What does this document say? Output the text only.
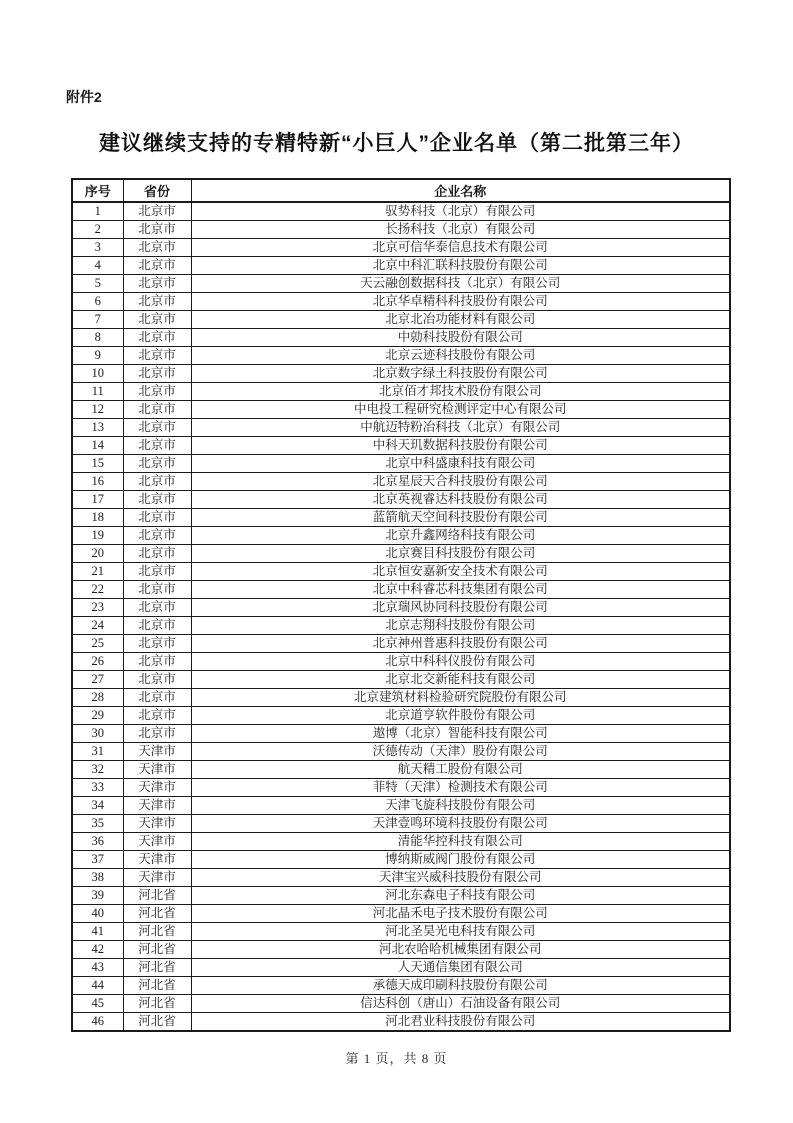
附件2
建议继续支持的专精特新“小巨人”企业名单（第二批第三年）
序号	省份	企业名称
1	北京市	驭势科技（北京）有限公司
2	北京市	长扬科技（北京）有限公司
3	北京市	北京可信华泰信息技术有限公司
4	北京市	北京中科汇联科技股份有限公司
5	北京市	天云融创数据科技（北京）有限公司
6	北京市	北京华卓精科科技股份有限公司
7	北京市	北京北冶功能材料有限公司
8	北京市	中勍科技股份有限公司
9	北京市	北京云迹科技股份有限公司
10	北京市	北京数字绿土科技股份有限公司
11	北京市	北京佰才邦技术股份有限公司
12	北京市	中电投工程研究检测评定中心有限公司
13	北京市	中航迈特粉冶科技（北京）有限公司
14	北京市	中科天玑数据科技股份有限公司
15	北京市	北京中科盛康科技有限公司
16	北京市	北京星辰天合科技股份有限公司
17	北京市	北京英视睿达科技股份有限公司
18	北京市	蓝箭航天空间科技股份有限公司
19	北京市	北京升鑫网络科技有限公司
20	北京市	北京赛目科技股份有限公司
21	北京市	北京恒安嘉新安全技术有限公司
22	北京市	北京中科睿芯科技集团有限公司
23	北京市	北京瑞风协同科技股份有限公司
24	北京市	北京志翔科技股份有限公司
25	北京市	北京神州普惠科技股份有限公司
26	北京市	北京中科科仪股份有限公司
27	北京市	北京北交新能科技有限公司
28	北京市	北京建筑材料检验研究院股份有限公司
29	北京市	北京道亨软件股份有限公司
30	北京市	遨博（北京）智能科技有限公司
31	天津市	沃德传动（天津）股份有限公司
32	天津市	航天精工股份有限公司
33	天津市	菲特（天津）检测技术有限公司
34	天津市	天津飞旋科技股份有限公司
35	天津市	天津壹鸣环境科技股份有限公司
36	天津市	清能华控科技有限公司
37	天津市	博纳斯威阀门股份有限公司
38	天津市	天津宝兴威科技股份有限公司
39	河北省	河北东森电子科技有限公司
40	河北省	河北晶禾电子技术股份有限公司
41	河北省	河北圣昊光电科技有限公司
42	河北省	河北农哈哈机械集团有限公司
43	河北省	人天通信集团有限公司
44	河北省	承德天成印刷科技股份有限公司
45	河北省	信达科创（唐山）石油设备有限公司
46	河北省	河北君业科技股份有限公司
第 1 页，共 8 页
